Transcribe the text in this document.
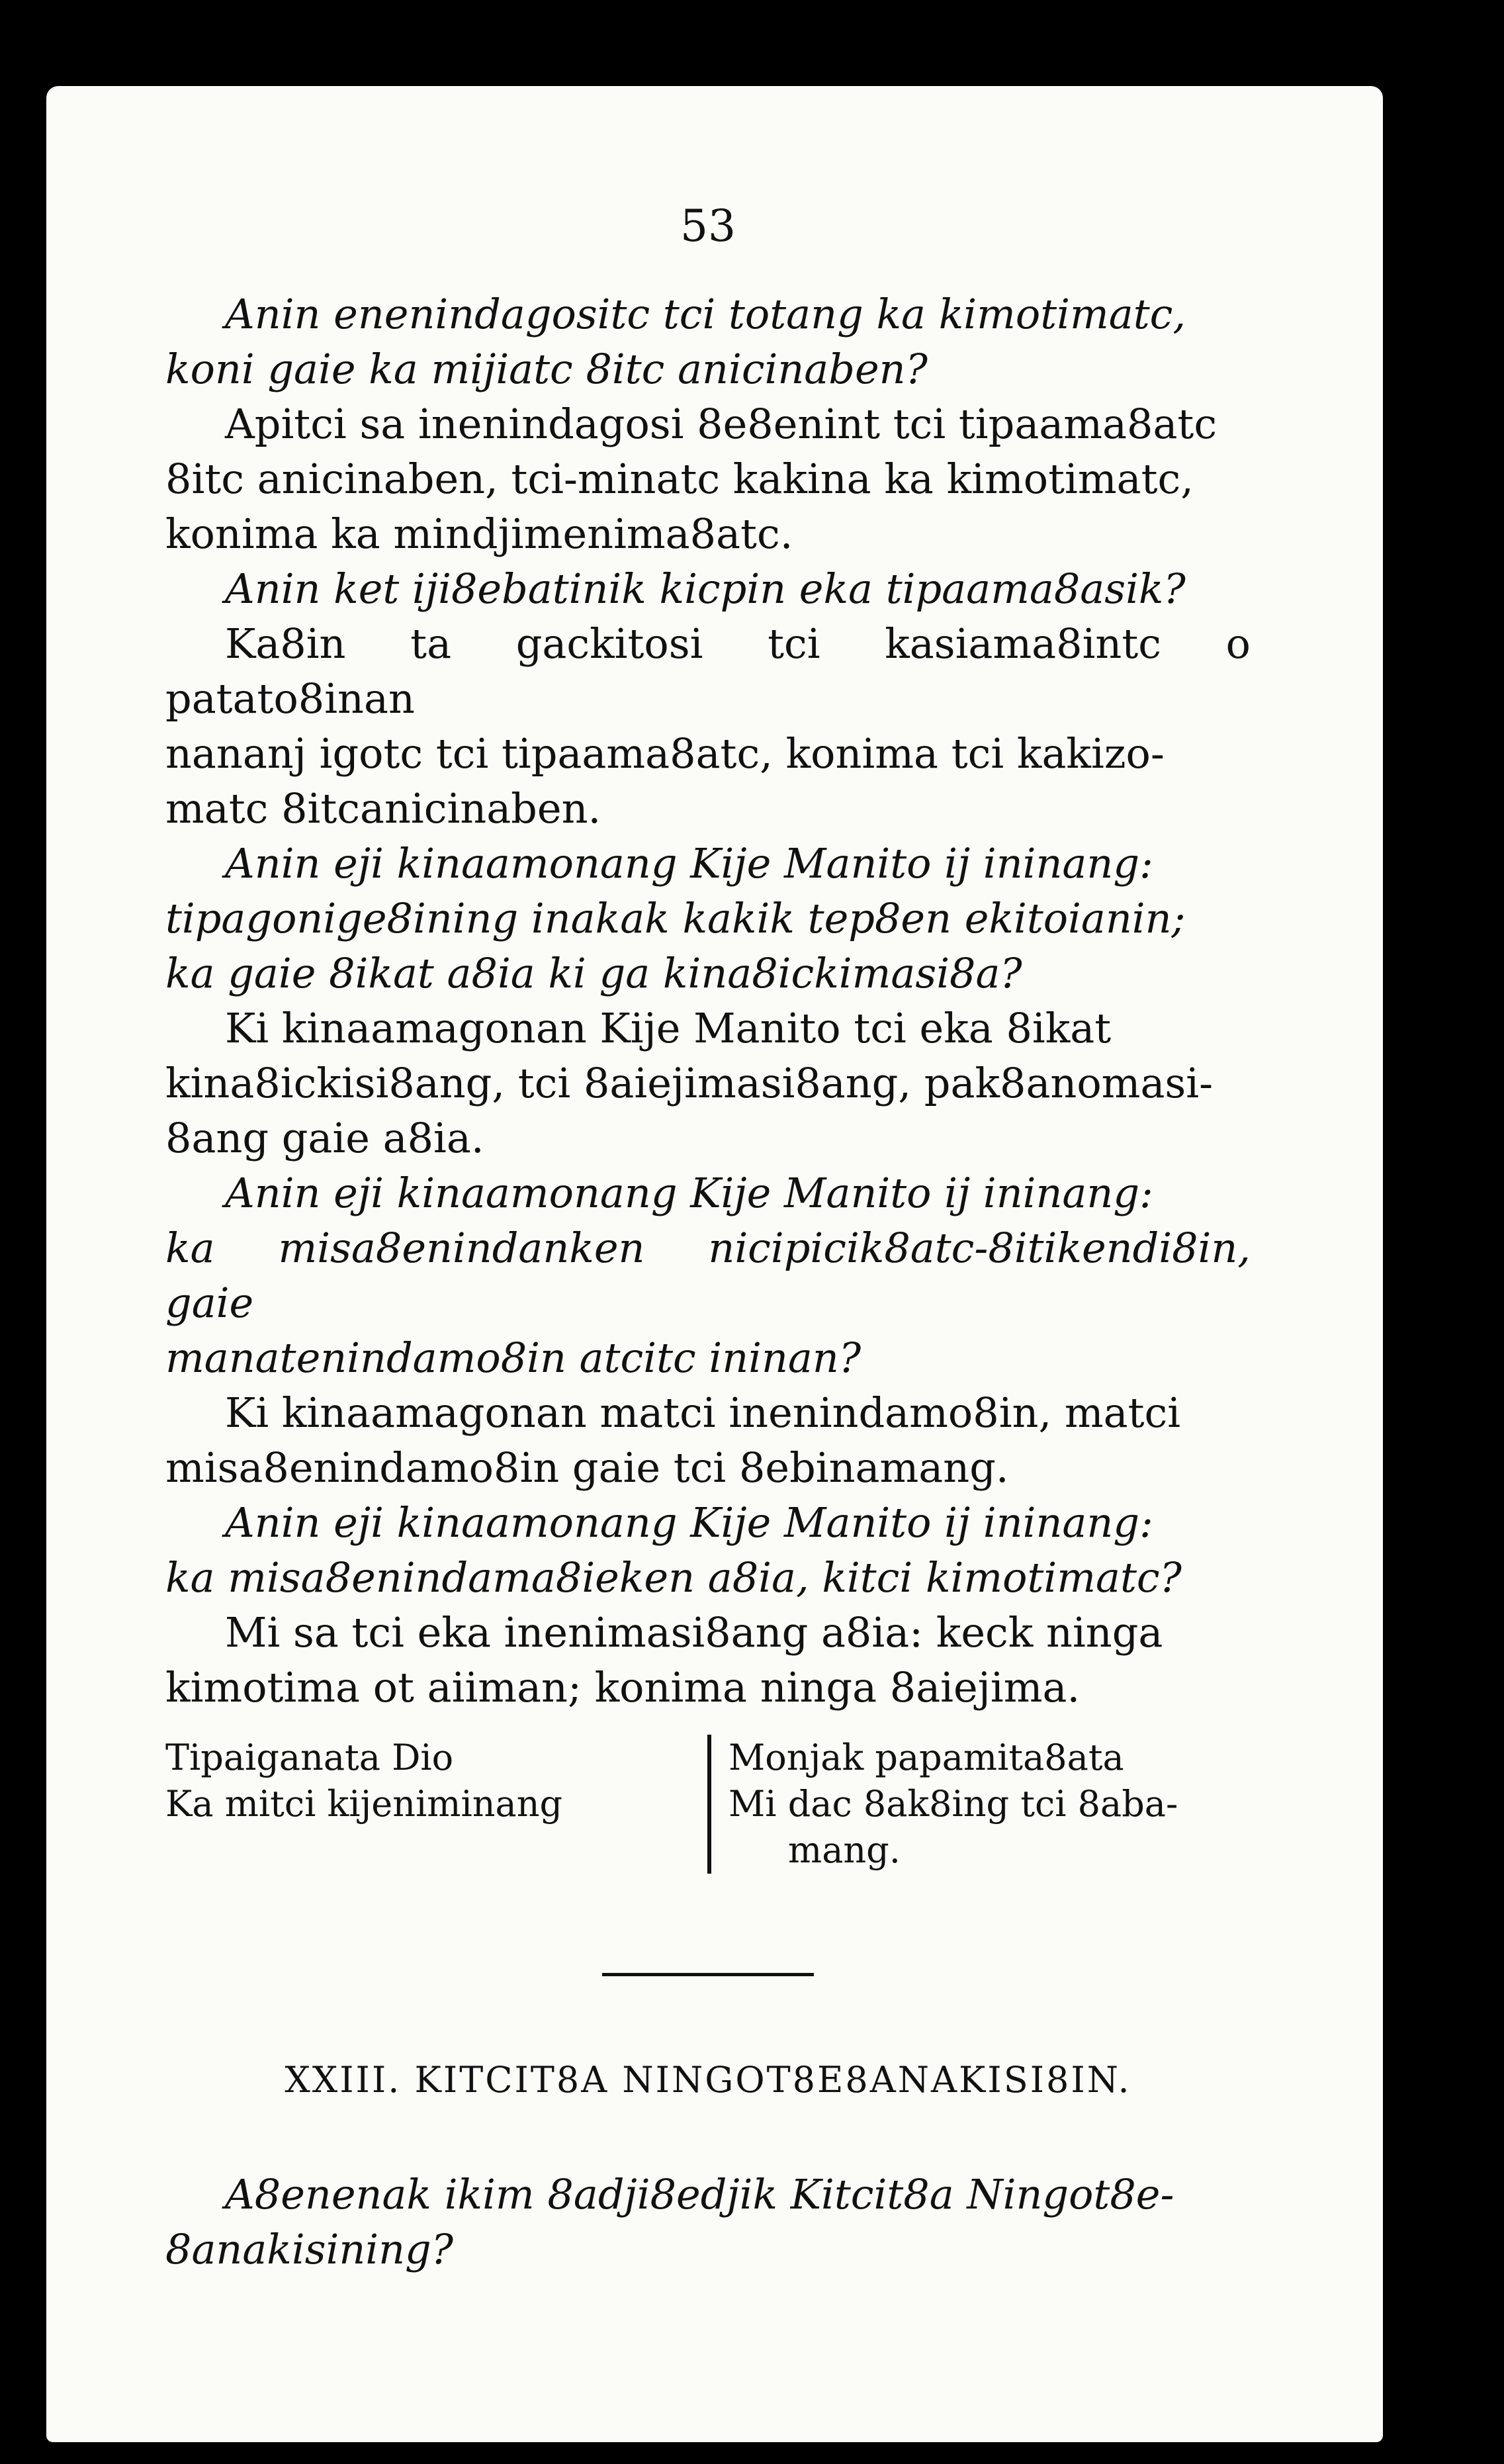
53

Anin enenindagositc tci totang ka kimotimatc,
koni gaie ka mijiatc 8itc anicinaben?

Apitci sa inenindagosi 8e8enint tci tipaama8atc
8itc anicinaben, tci-minatc kakina ka kimotimatc,
konima ka mindjimenima8atc.

Anin ket iji8ebatinik kicpin eka tipaama8asik?

Ka8in ta gackitosi tci kasiama8intc o patato8inan
nananj igotc tci tipaama8atc, konima tci kakizo-
matc 8itcanicinaben.

Anin eji kinaamonang Kije Manito ij ininang:
tipagonige8ining inakak kakik tep8en ekitoianin;
ka gaie 8ikat a8ia ki ga kina8ickimasi8a?

Ki kinaamagonan Kije Manito tci eka 8ikat
kina8ickisi8ang, tci 8aiejimasi8ang, pak8anomasi-
8ang gaie a8ia.

Anin eji kinaamonang Kije Manito ij ininang:
ka misa8enindanken nicipicik8atc-8itikendi8in, gaie
manatenindamo8in atcitc ininan?

Ki kinaamagonan matci inenindamo8in, matci
misa8enindamo8in gaie tci 8ebinamang.

Anin eji kinaamonang Kije Manito ij ininang:
ka misa8enindama8ieken a8ia, kitci kimotimatc?

Mi sa tci eka inenimasi8ang a8ia: keck ninga
kimotima ot aiiman; konima ninga 8aiejima.

Tipaiganata Dio
Ka mitci kijeniminang
Monjak papamita8ata
Mi dac 8ak8ing tci 8aba-
mang.
XXIII. KITCIT8A NINGOT8E8ANAKISI8IN.

A8enenak ikim 8adji8edjik Kitcit8a Ningot8e-
8anakisining?
